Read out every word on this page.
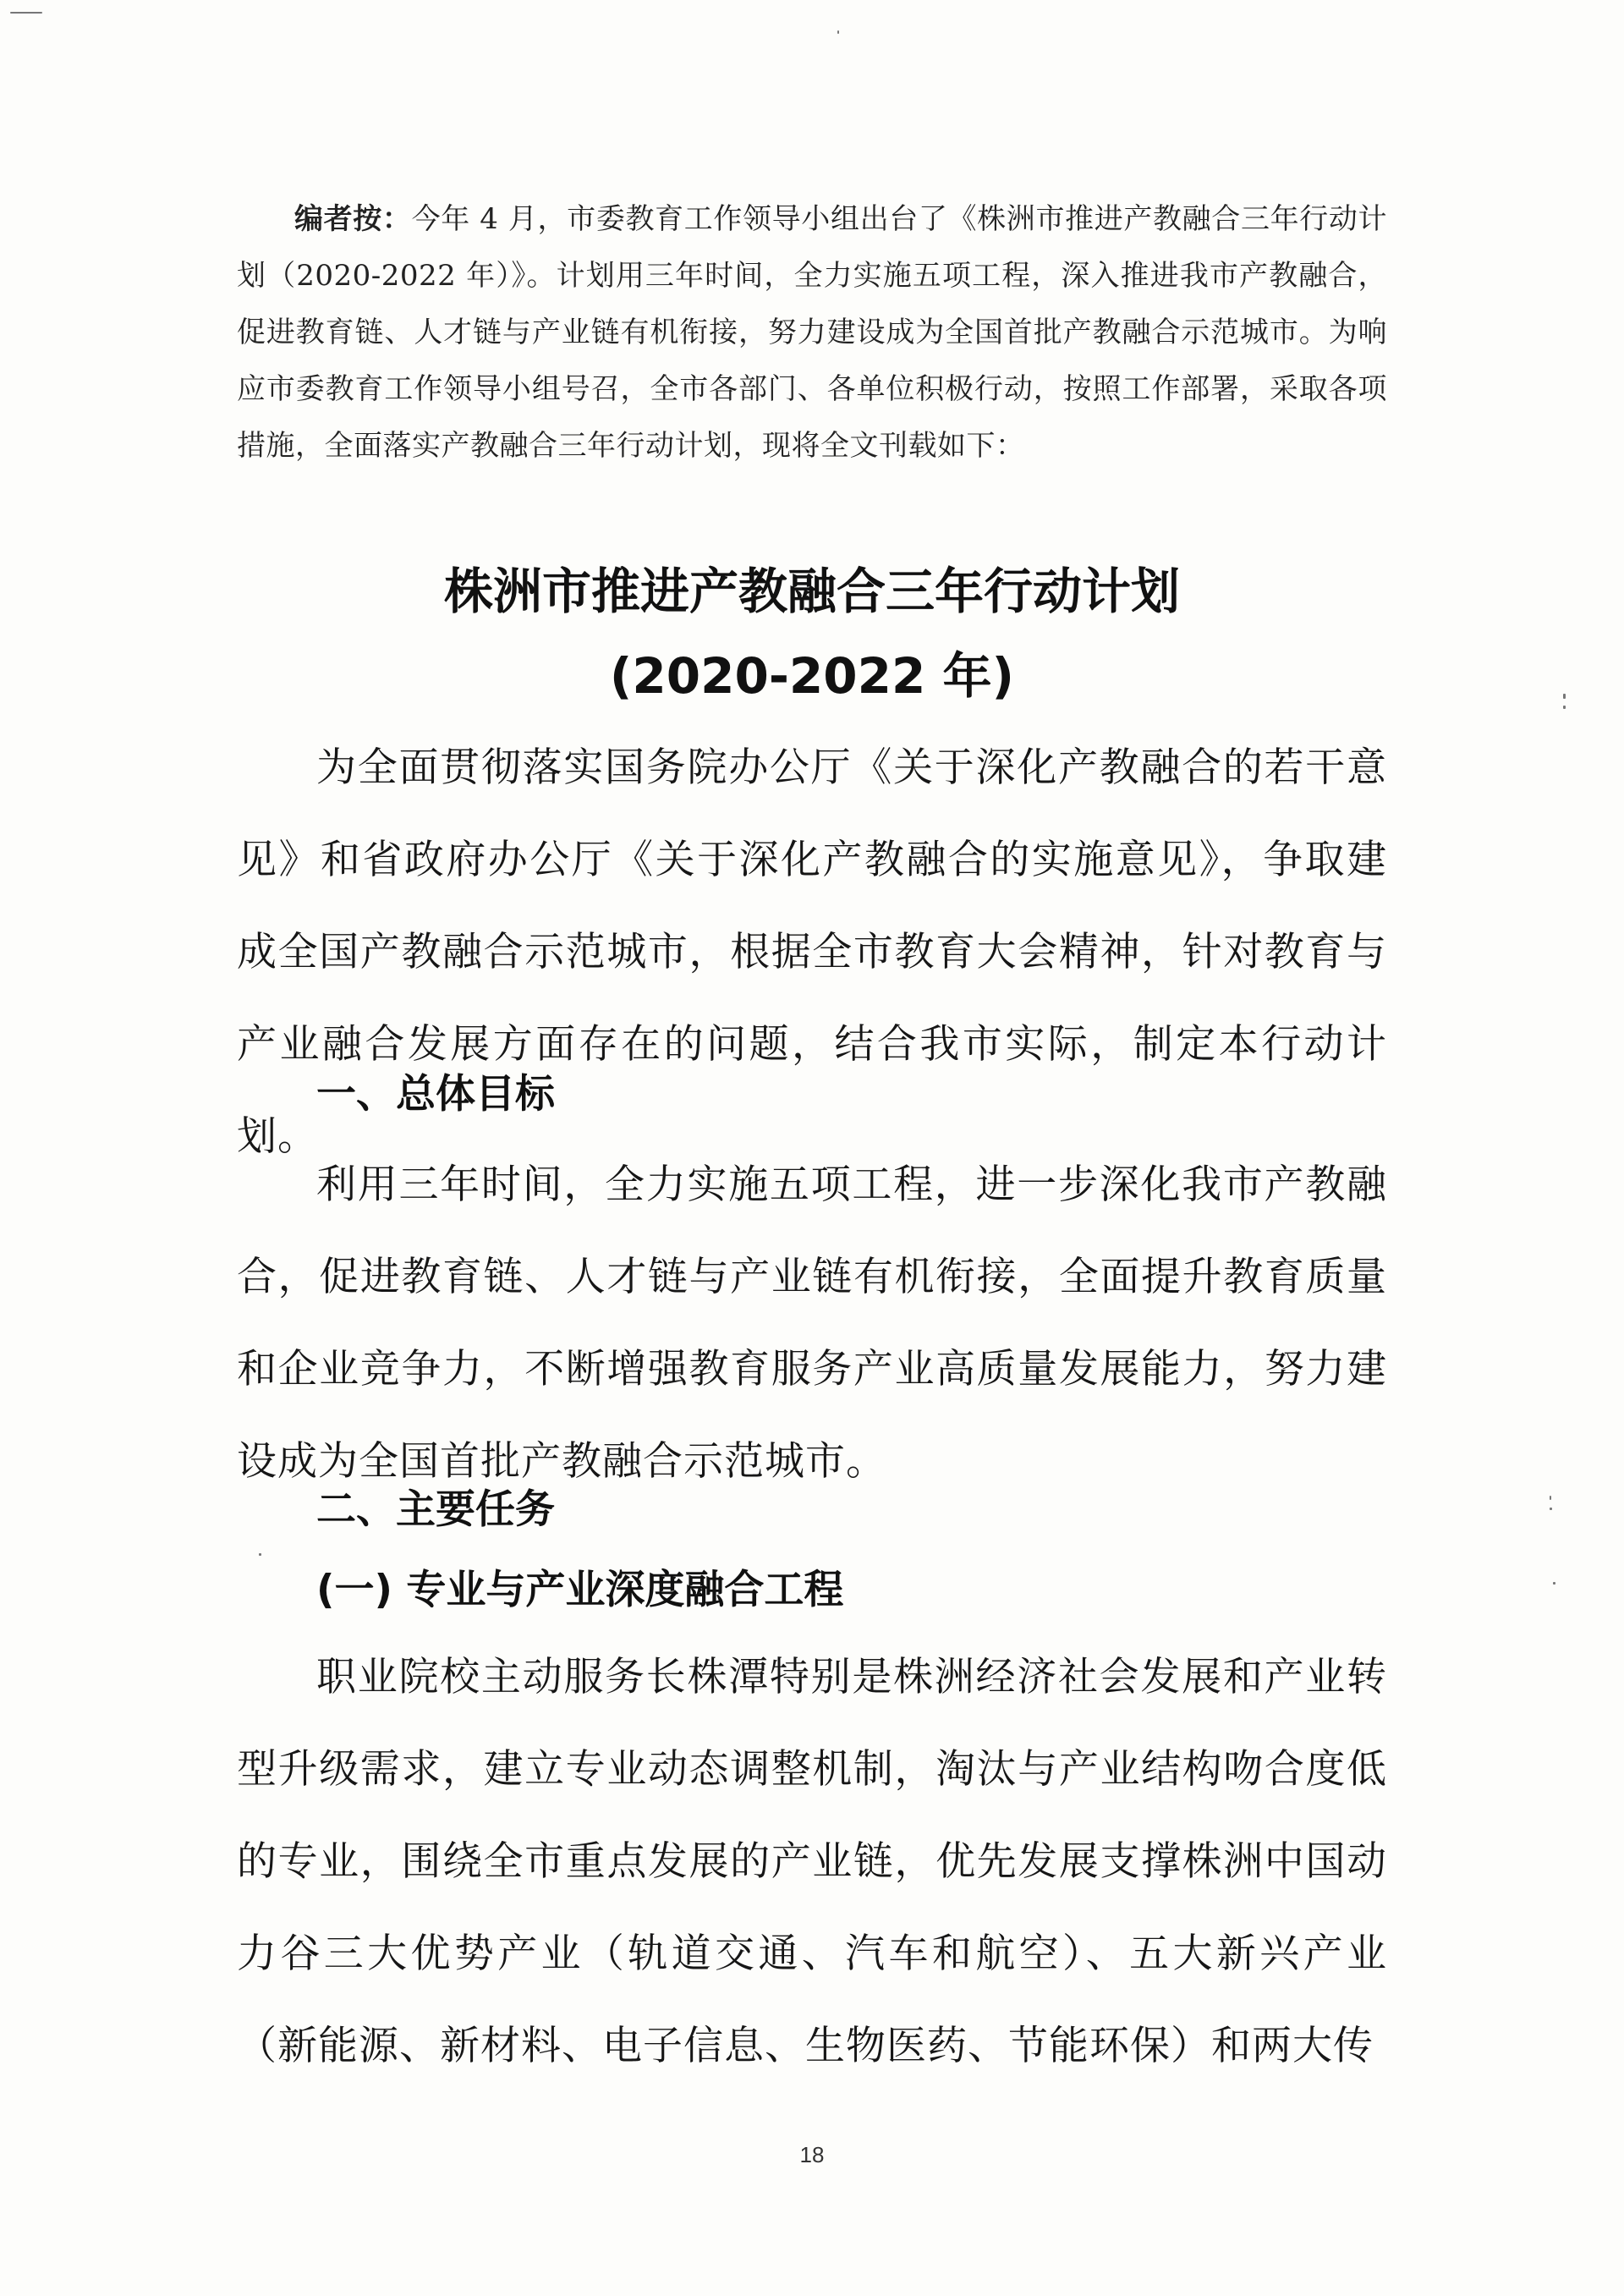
编者按：今年 4 月，市委教育工作领导小组出台了《株洲市推进产教融合三年行动计划（2020-2022 年）》。计划用三年时间，全力实施五项工程，深入推进我市产教融合，促进教育链、人才链与产业链有机衔接，努力建设成为全国首批产教融合示范城市。为响应市委教育工作领导小组号召，全市各部门、各单位积极行动，按照工作部署，采取各项措施，全面落实产教融合三年行动计划，现将全文刊载如下：
株洲市推进产教融合三年行动计划
(2020-2022 年)

为全面贯彻落实国务院办公厅《关于深化产教融合的若干意见》和省政府办公厅《关于深化产教融合的实施意见》，争取建成全国产教融合示范城市，根据全市教育大会精神，针对教育与产业融合发展方面存在的问题，结合我市实际，制定本行动计划。

一、总体目标

利用三年时间，全力实施五项工程，进一步深化我市产教融合，促进教育链、人才链与产业链有机衔接，全面提升教育质量和企业竞争力，不断增强教育服务产业高质量发展能力，努力建设成为全国首批产教融合示范城市。

二、主要任务
(一) 专业与产业深度融合工程

职业院校主动服务长株潭特别是株洲经济社会发展和产业转型升级需求，建立专业动态调整机制，淘汰与产业结构吻合度低的专业，围绕全市重点发展的产业链，优先发展支撑株洲中国动力谷三大优势产业（轨道交通、汽车和航空）、五大新兴产业（新能源、新材料、电子信息、生物医药、节能环保）和两大传

18
